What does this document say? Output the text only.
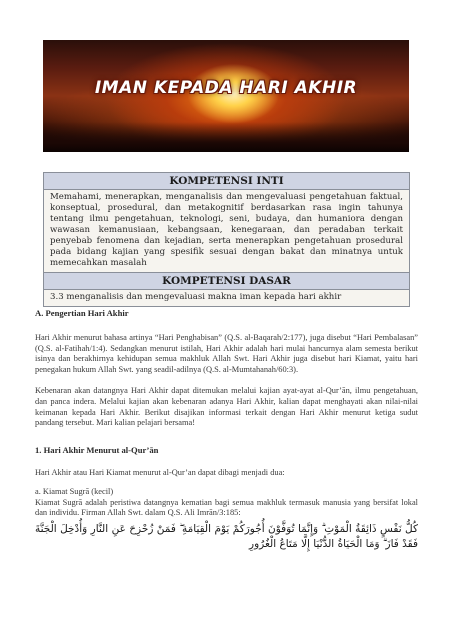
IMAN KEPADA HARI AKHIR
KOMPETENSI INTI
Memahami, menerapkan, menganalisis dan mengevaluasi pengetahuan faktual, konseptual, prosedural, dan metakognitif berdasarkan rasa ingin tahunya tentang ilmu pengetahuan, teknologi, seni, budaya, dan humaniora dengan wawasan kemanusiaan, kebangsaan, kenegaraan, dan peradaban terkait penyebab fenomena dan kejadian, serta menerapkan pengetahuan prosedural pada bidang kajian yang spesifik sesuai dengan bakat dan minatnya untuk memecahkan masalah
KOMPETENSI DASAR
3.3 menganalisis dan mengevaluasi makna iman kepada hari akhir
A. Pengertian Hari Akhir
Hari Akhir menurut bahasa artinya “Hari Penghabisan” (Q.S. al-Baqarah/2:177), juga disebut “Hari Pembalasan” (Q.S. al-Fatihah/1:4). Sedangkan menurut istilah, Hari Akhir adalah hari mulai hancurnya alam semesta berikut isinya dan berakhirnya kehidupan semua makhluk Allah Swt. Hari Akhir juga disebut hari Kiamat, yaitu hari penegakan hukum Allah Swt. yang seadil-adilnya (Q.S. al-Mumtahanah/60:3).
Kebenaran akan datangnya Hari Akhir dapat ditemukan melalui kajian ayat-ayat al-Qur’ān, ilmu pengetahuan, dan panca indera. Melalui kajian akan kebenaran adanya Hari Akhir, kalian dapat menghayati akan nilai-nilai keimanan kepada Hari Akhir. Berikut disajikan informasi terkait dengan Hari Akhir menurut ketiga sudut pandang tersebut. Mari kalian pelajari bersama!
1. Hari Akhir Menurut al-Qur’ān
Hari Akhir atau Hari Kiamat menurut al-Qur’an dapat dibagi menjadi dua:
a. Kiamat Sugrā (kecil)
Kiamat Sugrā adalah peristiwa datangnya kematian bagi semua makhluk termasuk manusia yang bersifat lokal dan individu. Firman Allah Swt. dalam Q.S. Ali Imrān/3:185:
كُلُّ نَفْسٍ ذَائِقَةُ الْمَوْتِ ۗ وَإِنَّمَا تُوَفَّوْنَ أُجُورَكُمْ يَوْمَ الْقِيَامَةِ ۖ فَمَنْ زُحْزِحَ عَنِ النَّارِ وَأُدْخِلَ الْجَنَّةَ فَقَدْ فَازَ ۗ وَمَا الْحَيَاةُ الدُّنْيَا إِلَّا مَتَاعُ الْغُرُورِ
